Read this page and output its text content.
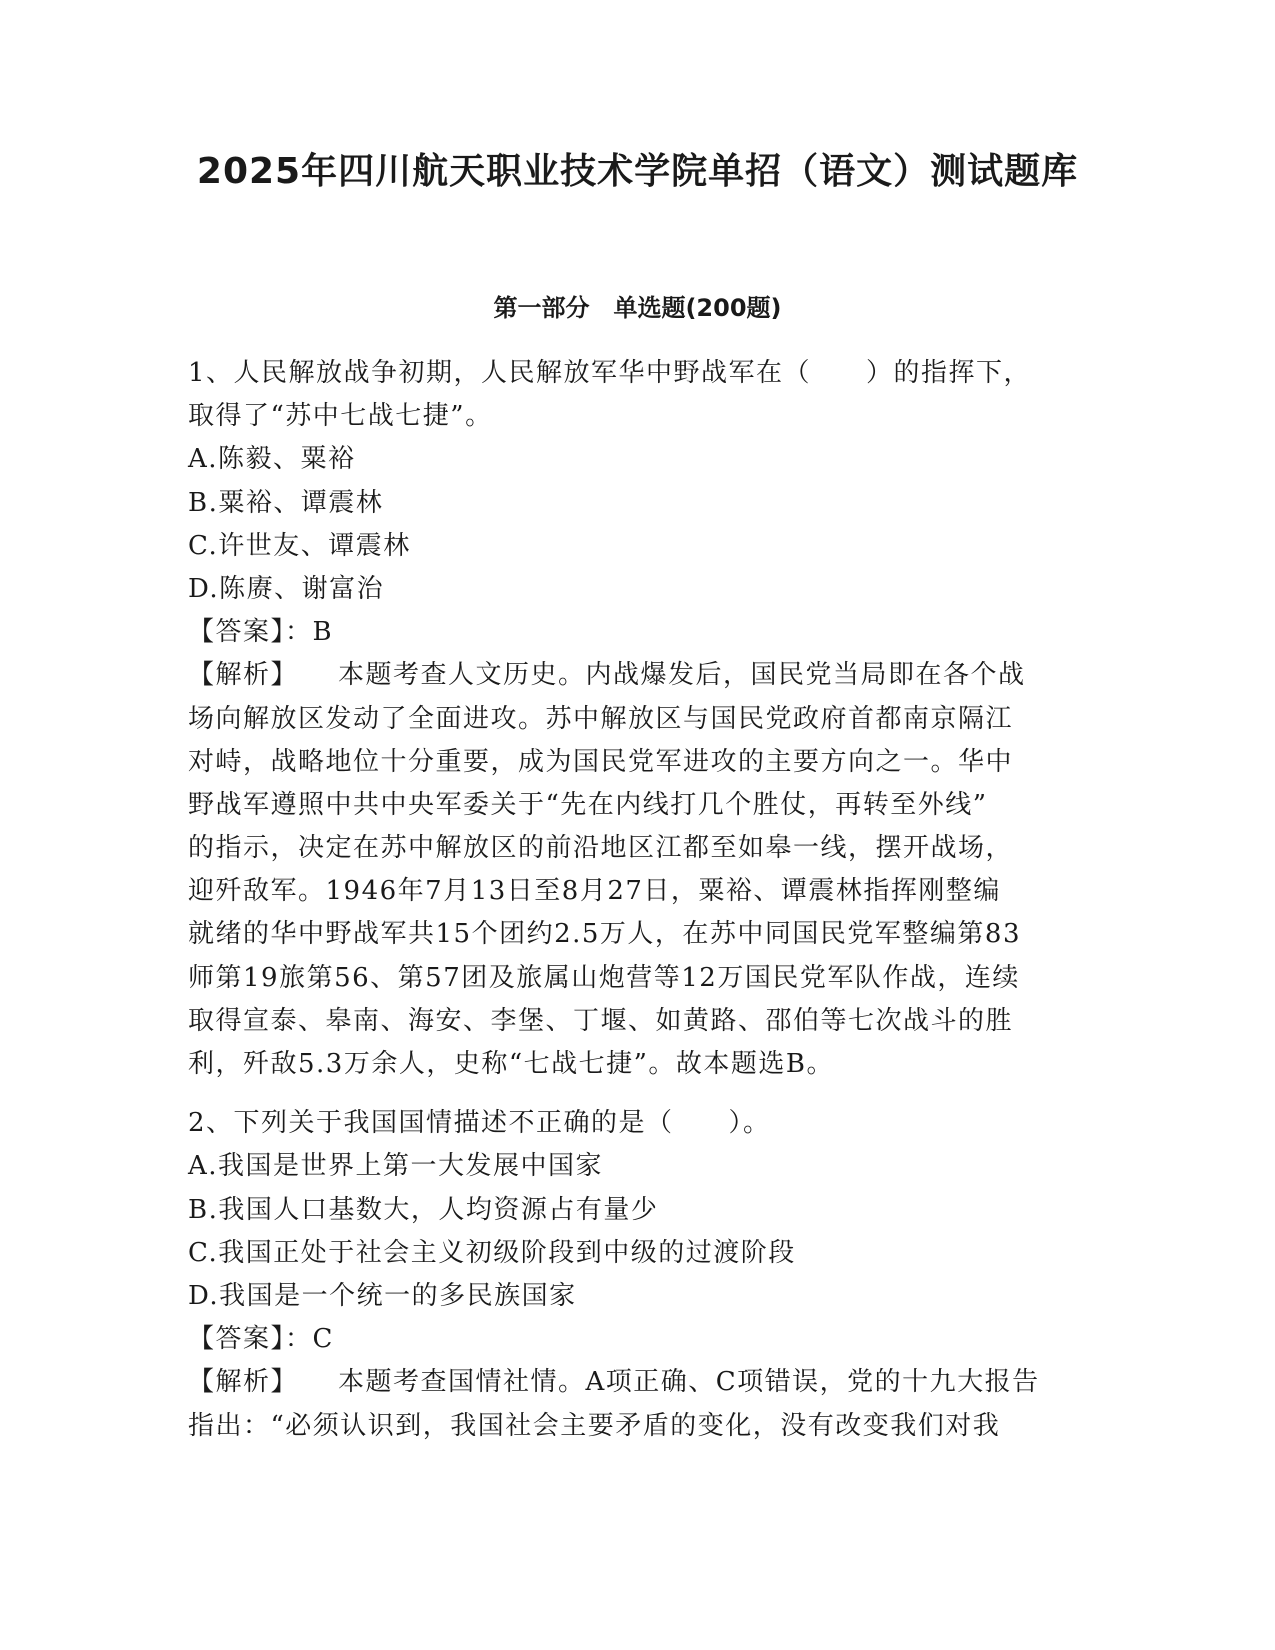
2025年四川航天职业技术学院单招（语文）测试题库
第一部分　单选题(200题)
1、人民解放战争初期，人民解放军华中野战军在（　　）的指挥下，
取得了“苏中七战七捷”。
A.陈毅、粟裕
B.粟裕、谭震林
C.许世友、谭震林
D.陈赓、谢富治
【答案】：B
【解析】 本题考查人文历史。内战爆发后，国民党当局即在各个战
场向解放区发动了全面进攻。苏中解放区与国民党政府首都南京隔江
对峙，战略地位十分重要，成为国民党军进攻的主要方向之一。华中
野战军遵照中共中央军委关于“先在内线打几个胜仗，再转至外线”
的指示，决定在苏中解放区的前沿地区江都至如皋一线，摆开战场，
迎歼敌军。1946年7月13日至8月27日，粟裕、谭震林指挥刚整编
就绪的华中野战军共15个团约2.5万人，在苏中同国民党军整编第83
师第19旅第56、第57团及旅属山炮营等12万国民党军队作战，连续
取得宣泰、皋南、海安、李堡、丁堰、如黄路、邵伯等七次战斗的胜
利，歼敌5.3万余人，史称“七战七捷”。故本题选B。
2、下列关于我国国情描述不正确的是（　　）。
A.我国是世界上第一大发展中国家
B.我国人口基数大，人均资源占有量少
C.我国正处于社会主义初级阶段到中级的过渡阶段
D.我国是一个统一的多民族国家
【答案】：C
【解析】 本题考查国情社情。A项正确、C项错误，党的十九大报告
指出：“必须认识到，我国社会主要矛盾的变化，没有改变我们对我
